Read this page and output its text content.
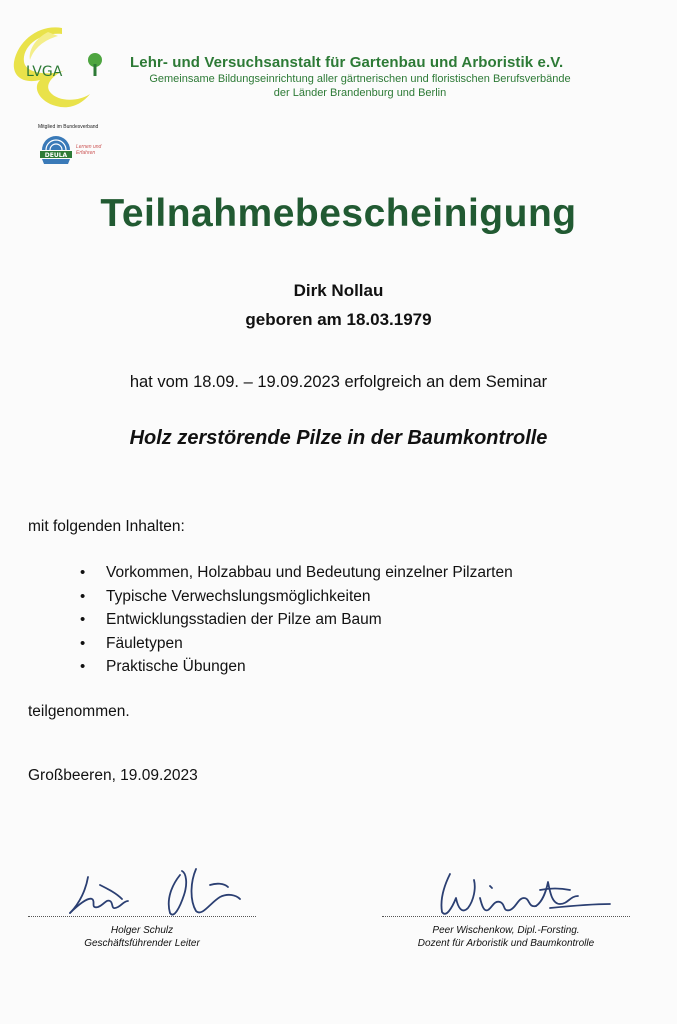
LVGA
Mitglied im Bundesverband
DEULA
Lernen und Erfahren
Lehr- und Versuchsanstalt für Gartenbau und Arboristik e.V.
Gemeinsame Bildungseinrichtung aller gärtnerischen und floristischen Berufsverbände
der Länder Brandenburg und Berlin
Teilnahmebescheinigung
Dirk Nollau
geboren am 18.03.1979
hat vom 18.09. – 19.09.2023 erfolgreich an dem Seminar
Holz zerstörende Pilze in der Baumkontrolle
mit folgenden Inhalten:
• Vorkommen, Holzabbau und Bedeutung einzelner Pilzarten
• Typische Verwechslungsmöglichkeiten
• Entwicklungsstadien der Pilze am Baum
• Fäuletypen
• Praktische Übungen
teilgenommen.
Großbeeren, 19.09.2023
Holger Schulz
Geschäftsführender Leiter
Peer Wischenkow, Dipl.-Forsting.
Dozent für Arboristik und Baumkontrolle
